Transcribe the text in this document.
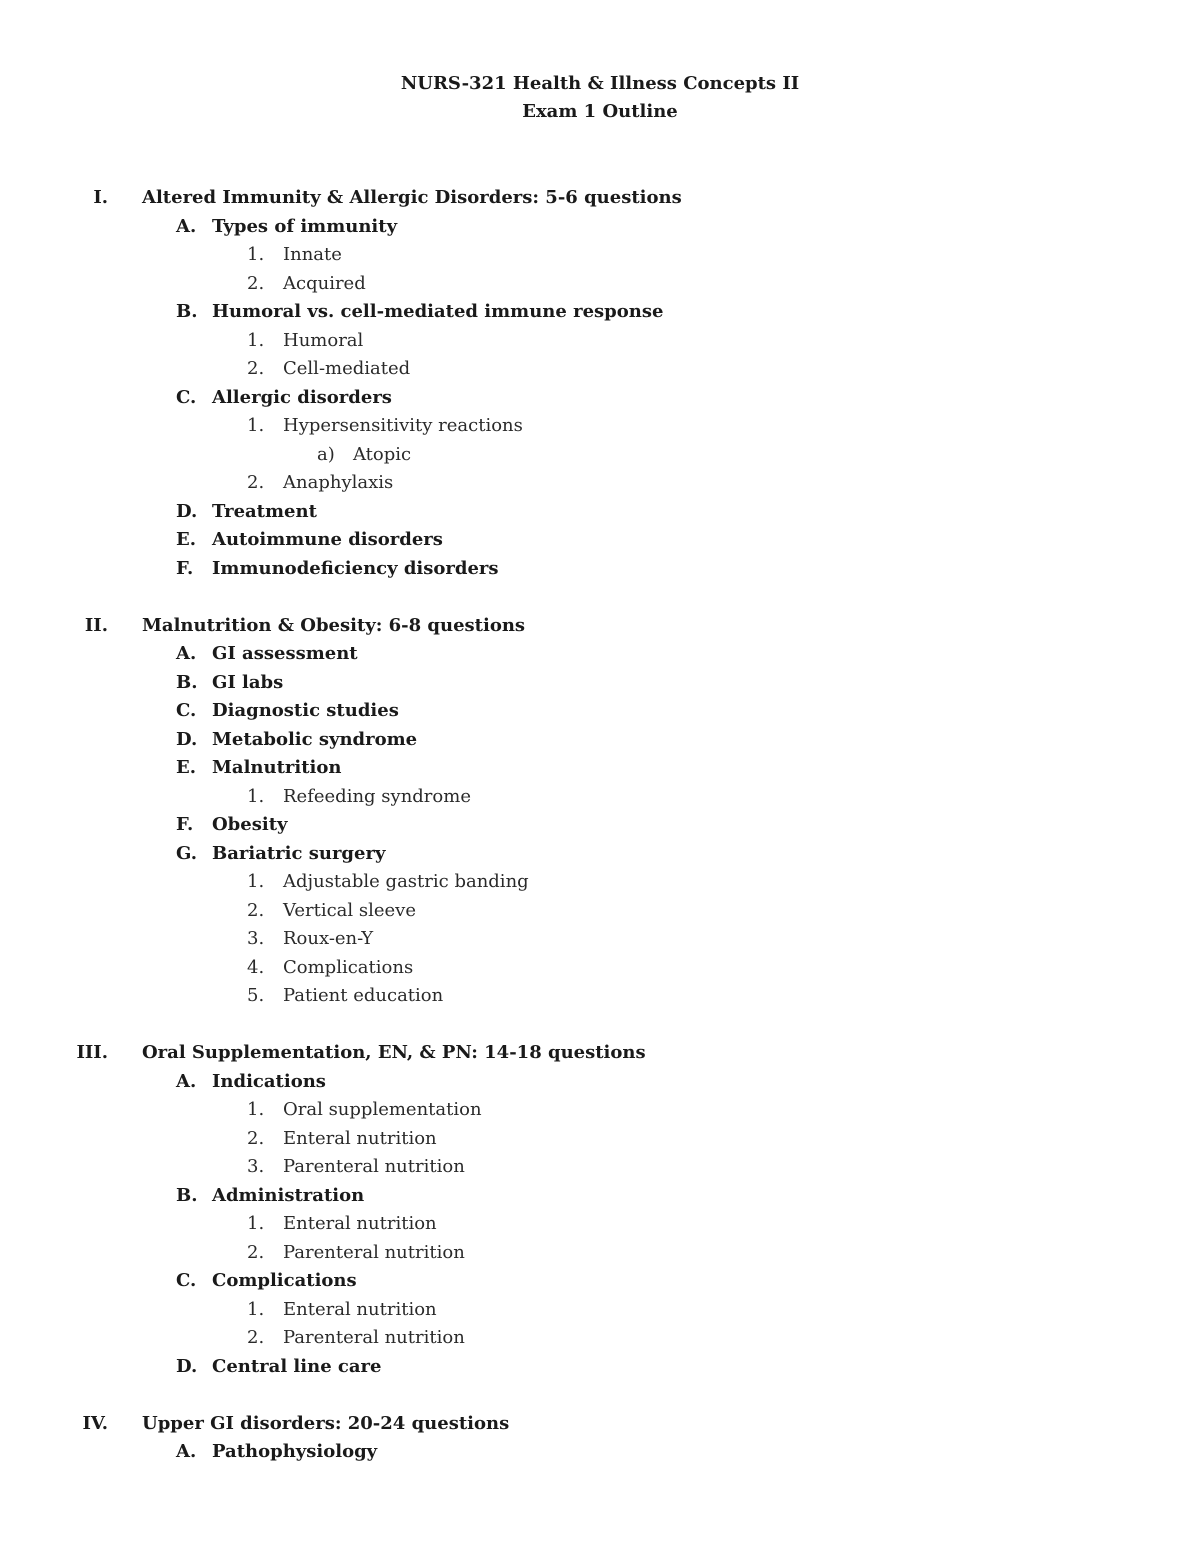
NURS-321 Health & Illness Concepts II
Exam 1 Outline
I. Altered Immunity & Allergic Disorders: 5-6 questions
A. Types of immunity
1. Innate
2. Acquired
B. Humoral vs. cell-mediated immune response
1. Humoral
2. Cell-mediated
C. Allergic disorders
1. Hypersensitivity reactions
a) Atopic
2. Anaphylaxis
D. Treatment
E. Autoimmune disorders
F. Immunodeficiency disorders
II. Malnutrition & Obesity: 6-8 questions
A. GI assessment
B. GI labs
C. Diagnostic studies
D. Metabolic syndrome
E. Malnutrition
1. Refeeding syndrome
F. Obesity
G. Bariatric surgery
1. Adjustable gastric banding
2. Vertical sleeve
3. Roux-en-Y
4. Complications
5. Patient education
III. Oral Supplementation, EN, & PN: 14-18 questions
A. Indications
1. Oral supplementation
2. Enteral nutrition
3. Parenteral nutrition
B. Administration
1. Enteral nutrition
2. Parenteral nutrition
C. Complications
1. Enteral nutrition
2. Parenteral nutrition
D. Central line care
IV. Upper GI disorders: 20-24 questions
A. Pathophysiology
